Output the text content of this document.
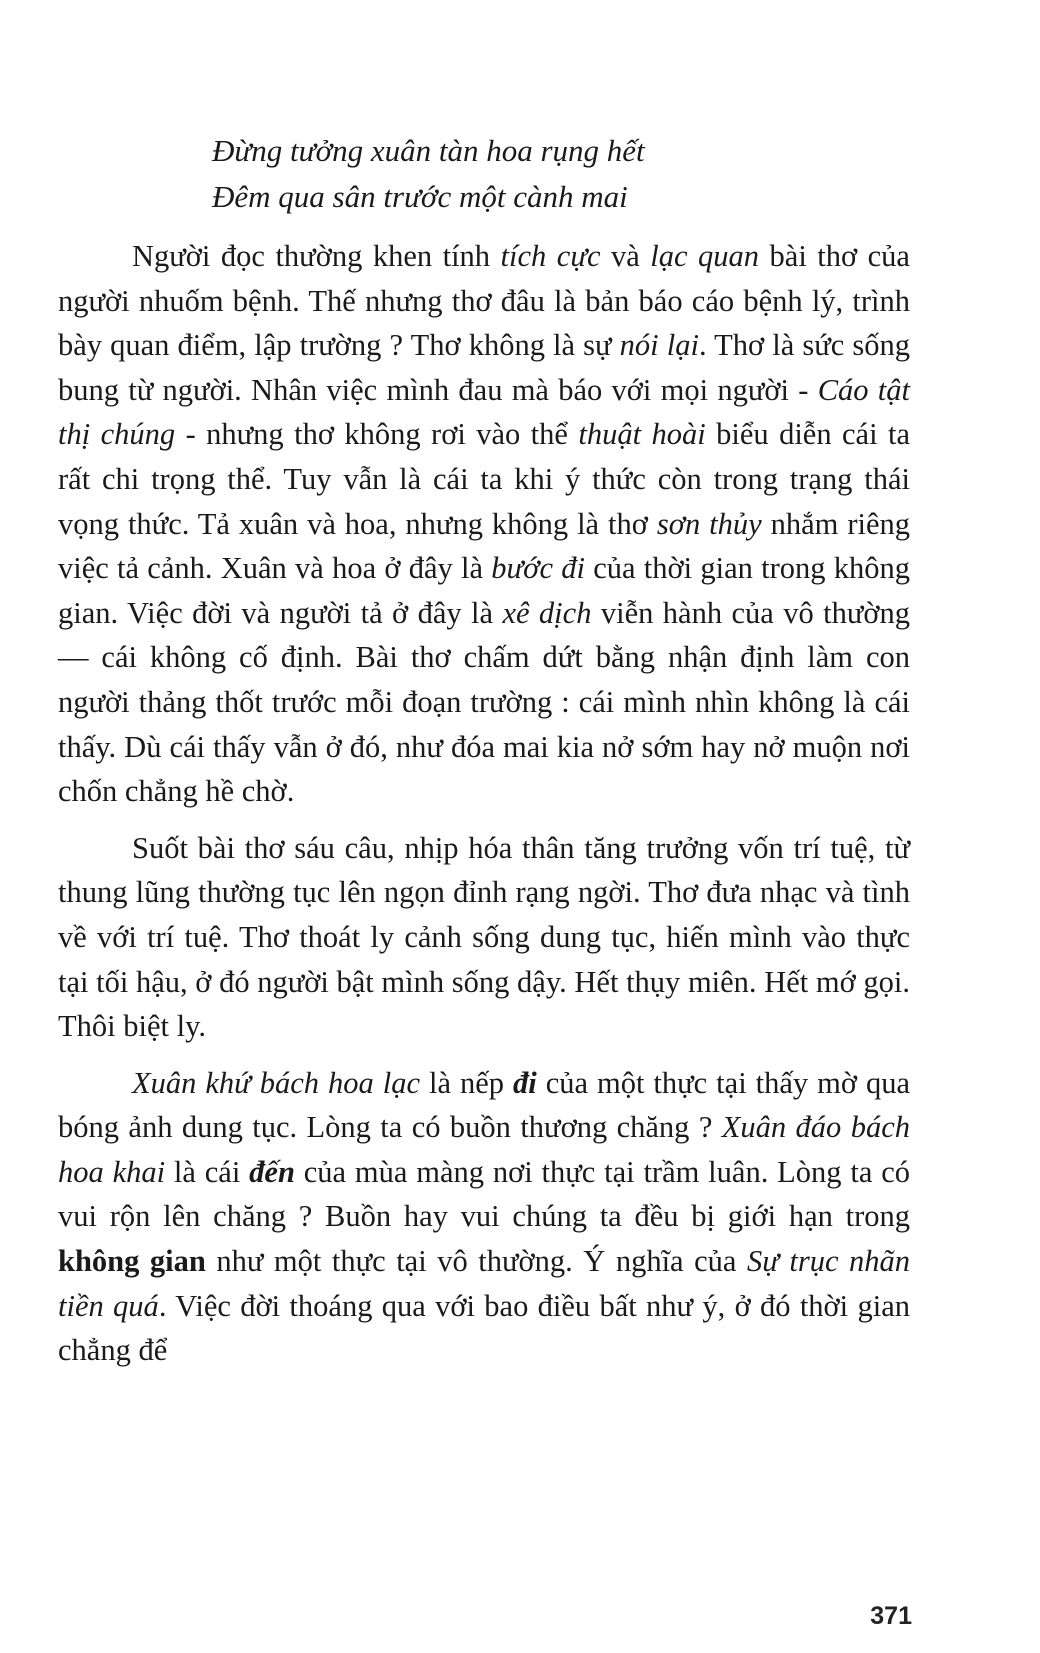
Đừng tưởng xuân tàn hoa rụng hết
Đêm qua sân trước một cành mai

Người đọc thường khen tính tích cực và lạc quan bài thơ của người nhuốm bệnh. Thế nhưng thơ đâu là bản báo cáo bệnh lý, trình bày quan điểm, lập trường ? Thơ không là sự nói lại. Thơ là sức sống bung từ người. Nhân việc mình đau mà báo với mọi người - Cáo tật thị chúng - nhưng thơ không rơi vào thể thuật hoài biểu diễn cái ta rất chi trọng thể. Tuy vẫn là cái ta khi ý thức còn trong trạng thái vọng thức. Tả xuân và hoa, nhưng không là thơ sơn thủy nhắm riêng việc tả cảnh. Xuân và hoa ở đây là bước đi của thời gian trong không gian. Việc đời và người tả ở đây là xê dịch viễn hành của vô thường — cái không cố định. Bài thơ chấm dứt bằng nhận định làm con người thảng thốt trước mỗi đoạn trường : cái mình nhìn không là cái thấy. Dù cái thấy vẫn ở đó, như đóa mai kia nở sớm hay nở muộn nơi chốn chẳng hề chờ.

Suốt bài thơ sáu câu, nhịp hóa thân tăng trưởng vốn trí tuệ, từ thung lũng thường tục lên ngọn đỉnh rạng ngời. Thơ đưa nhạc và tình về với trí tuệ. Thơ thoát ly cảnh sống dung tục, hiến mình vào thực tại tối hậu, ở đó người bật mình sống dậy. Hết thụy miên. Hết mớ gọi. Thôi biệt ly.

Xuân khứ bách hoa lạc là nếp đi của một thực tại thấy mờ qua bóng ảnh dung tục. Lòng ta có buồn thương chăng ? Xuân đáo bách hoa khai là cái đến của mùa màng nơi thực tại trầm luân. Lòng ta có vui rộn lên chăng ? Buồn hay vui chúng ta đều bị giới hạn trong không gian như một thực tại vô thường. Ý nghĩa của Sự trục nhãn tiền quá. Việc đời thoáng qua với bao điều bất như ý, ở đó thời gian chẳng để

371
